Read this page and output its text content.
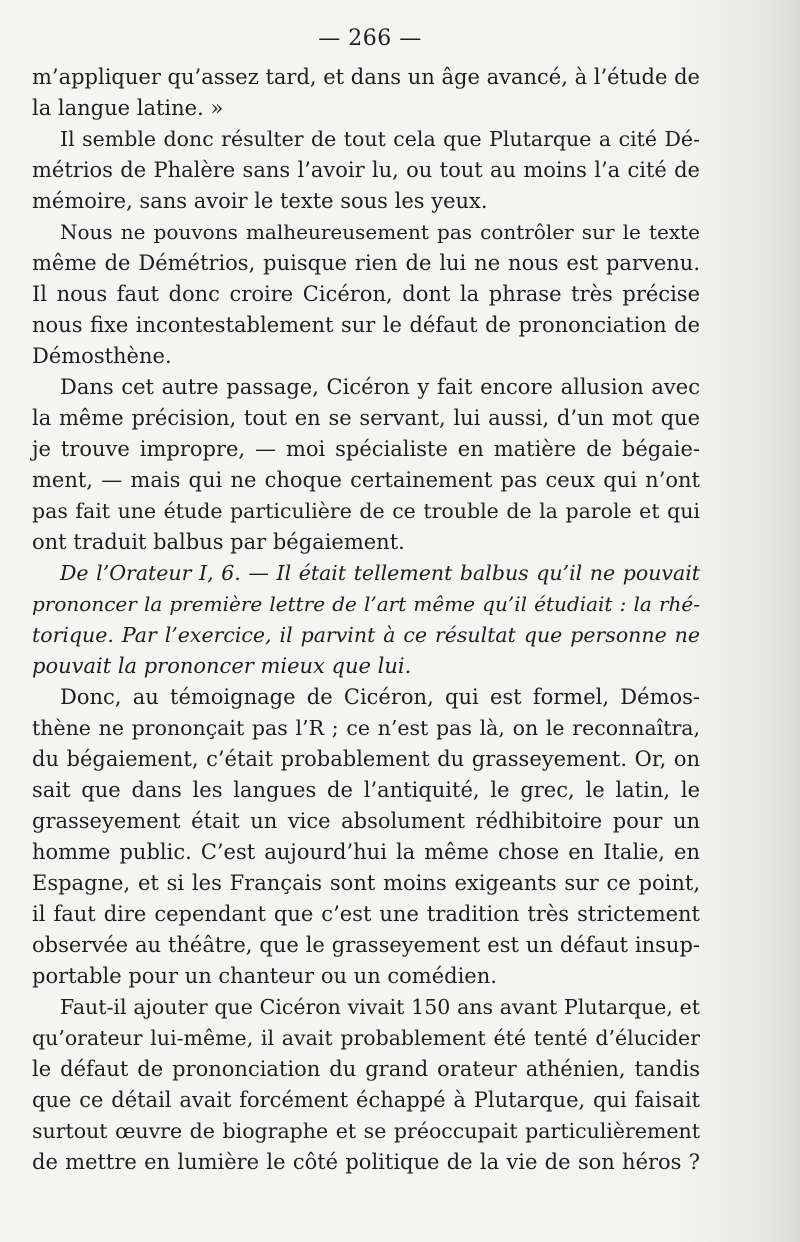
— 266 —
m’appliquer qu’assez tard, et dans un âge avancé, à l’étude de
la langue latine. »
Il semble donc résulter de tout cela que Plutarque a cité Dé-
métrios de Phalère sans l’avoir lu, ou tout au moins l’a cité de
mémoire, sans avoir le texte sous les yeux.
Nous ne pouvons malheureusement pas contrôler sur le texte
même de Démétrios, puisque rien de lui ne nous est parvenu.
Il nous faut donc croire Cicéron, dont la phrase très précise
nous fixe incontestablement sur le défaut de prononciation de
Démosthène.
Dans cet autre passage, Cicéron y fait encore allusion avec
la même précision, tout en se servant, lui aussi, d’un mot que
je trouve impropre, — moi spécialiste en matière de bégaie-
ment, — mais qui ne choque certainement pas ceux qui n’ont
pas fait une étude particulière de ce trouble de la parole et qui
ont traduit balbus par bégaiement.
De l’Orateur I, 6. — Il était tellement balbus qu’il ne pouvait
prononcer la première lettre de l’art même qu’il étudiait : la rhé-
torique. Par l’exercice, il parvint à ce résultat que personne ne
pouvait la prononcer mieux que lui.
Donc, au témoignage de Cicéron, qui est formel, Démos-
thène ne prononçait pas l’R ; ce n’est pas là, on le reconnaîtra,
du bégaiement, c’était probablement du grasseyement. Or, on
sait que dans les langues de l’antiquité, le grec, le latin, le
grasseyement était un vice absolument rédhibitoire pour un
homme public. C’est aujourd’hui la même chose en Italie, en
Espagne, et si les Français sont moins exigeants sur ce point,
il faut dire cependant que c’est une tradition très strictement
observée au théâtre, que le grasseyement est un défaut insup-
portable pour un chanteur ou un comédien.
Faut-il ajouter que Cicéron vivait 150 ans avant Plutarque, et
qu’orateur lui-même, il avait probablement été tenté d’élucider
le défaut de prononciation du grand orateur athénien, tandis
que ce détail avait forcément échappé à Plutarque, qui faisait
surtout œuvre de biographe et se préoccupait particulièrement
de mettre en lumière le côté politique de la vie de son héros ?
